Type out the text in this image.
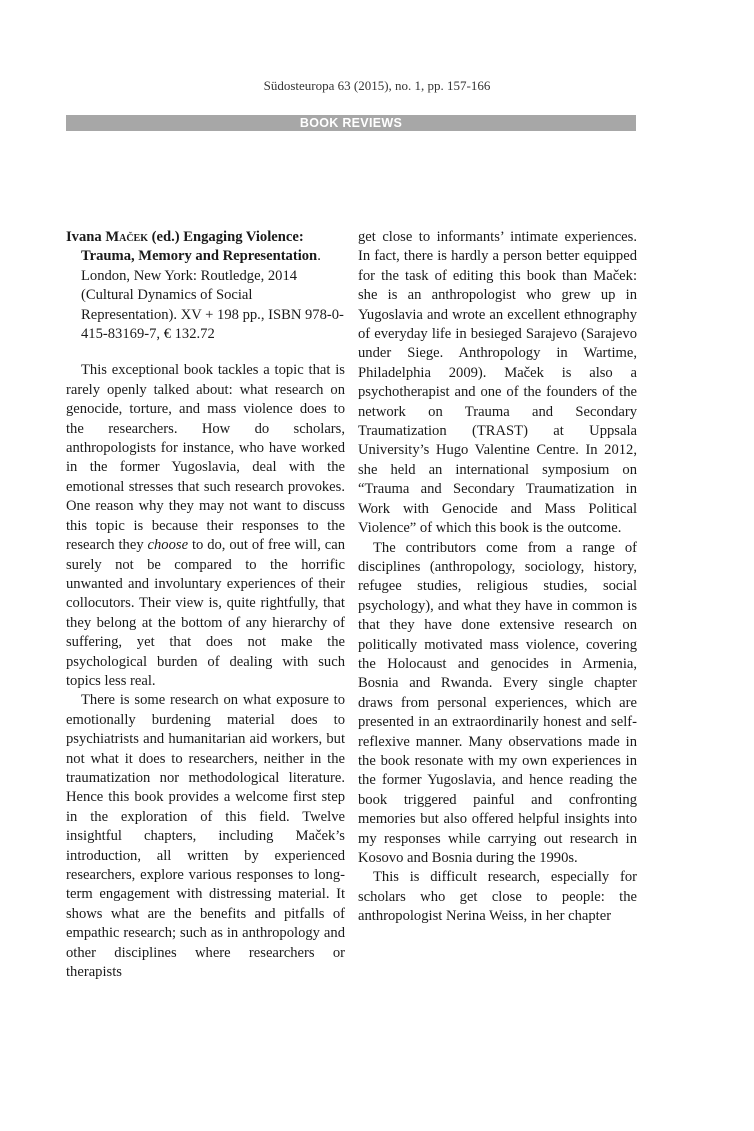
Südosteuropa 63 (2015), no. 1, pp. 157-166
BOOK REVIEWS
Ivana Maček (ed.) Engaging Violence: Trauma, Memory and Representation. London, New York: Routledge, 2014 (Cultural Dynamics of Social Representation). XV + 198 pp., ISBN 978-0-415-83169-7, € 132.72

This exceptional book tackles a topic that is rarely openly talked about: what research on genocide, torture, and mass violence does to the researchers. How do scholars, anthropologists for instance, who have worked in the former Yugoslavia, deal with the emotional stresses that such research provokes. One reason why they may not want to discuss this topic is because their responses to the research they choose to do, out of free will, can surely not be compared to the horrific unwanted and involuntary experiences of their collocutors. Their view is, quite rightfully, that they belong at the bottom of any hierarchy of suffering, yet that does not make the psychological burden of dealing with such topics less real.

There is some research on what exposure to emotionally burdening material does to psychiatrists and humanitarian aid workers, but not what it does to researchers, neither in the traumatization nor methodological literature. Hence this book provides a welcome first step in the exploration of this field. Twelve insightful chapters, including Maček’s introduction, all written by experienced researchers, explore various responses to long-term engagement with distressing material. It shows what are the benefits and pitfalls of empathic research; such as in anthropology and other disciplines where researchers or therapists

get close to informants’ intimate experiences. In fact, there is hardly a person better equipped for the task of editing this book than Maček: she is an anthropologist who grew up in Yugoslavia and wrote an excellent ethnography of everyday life in besieged Sarajevo (Sarajevo under Siege. Anthropology in Wartime, Philadelphia 2009). Maček is also a psychotherapist and one of the founders of the network on Trauma and Secondary Traumatization (TRAST) at Uppsala University’s Hugo Valentine Centre. In 2012, she held an international symposium on “Trauma and Secondary Traumatization in Work with Genocide and Mass Political Violence” of which this book is the outcome.

The contributors come from a range of disciplines (anthropology, sociology, history, refugee studies, religious studies, social psychology), and what they have in common is that they have done extensive research on politically motivated mass violence, covering the Holocaust and genocides in Armenia, Bosnia and Rwanda. Every single chapter draws from personal experiences, which are presented in an extraordinarily honest and self-reflexive manner. Many observations made in the book resonate with my own experiences in the former Yugoslavia, and hence reading the book triggered painful and confronting memories but also offered helpful insights into my responses while carrying out research in Kosovo and Bosnia during the 1990s.

This is difficult research, especially for scholars who get close to people: the anthropologist Nerina Weiss, in her chapter
